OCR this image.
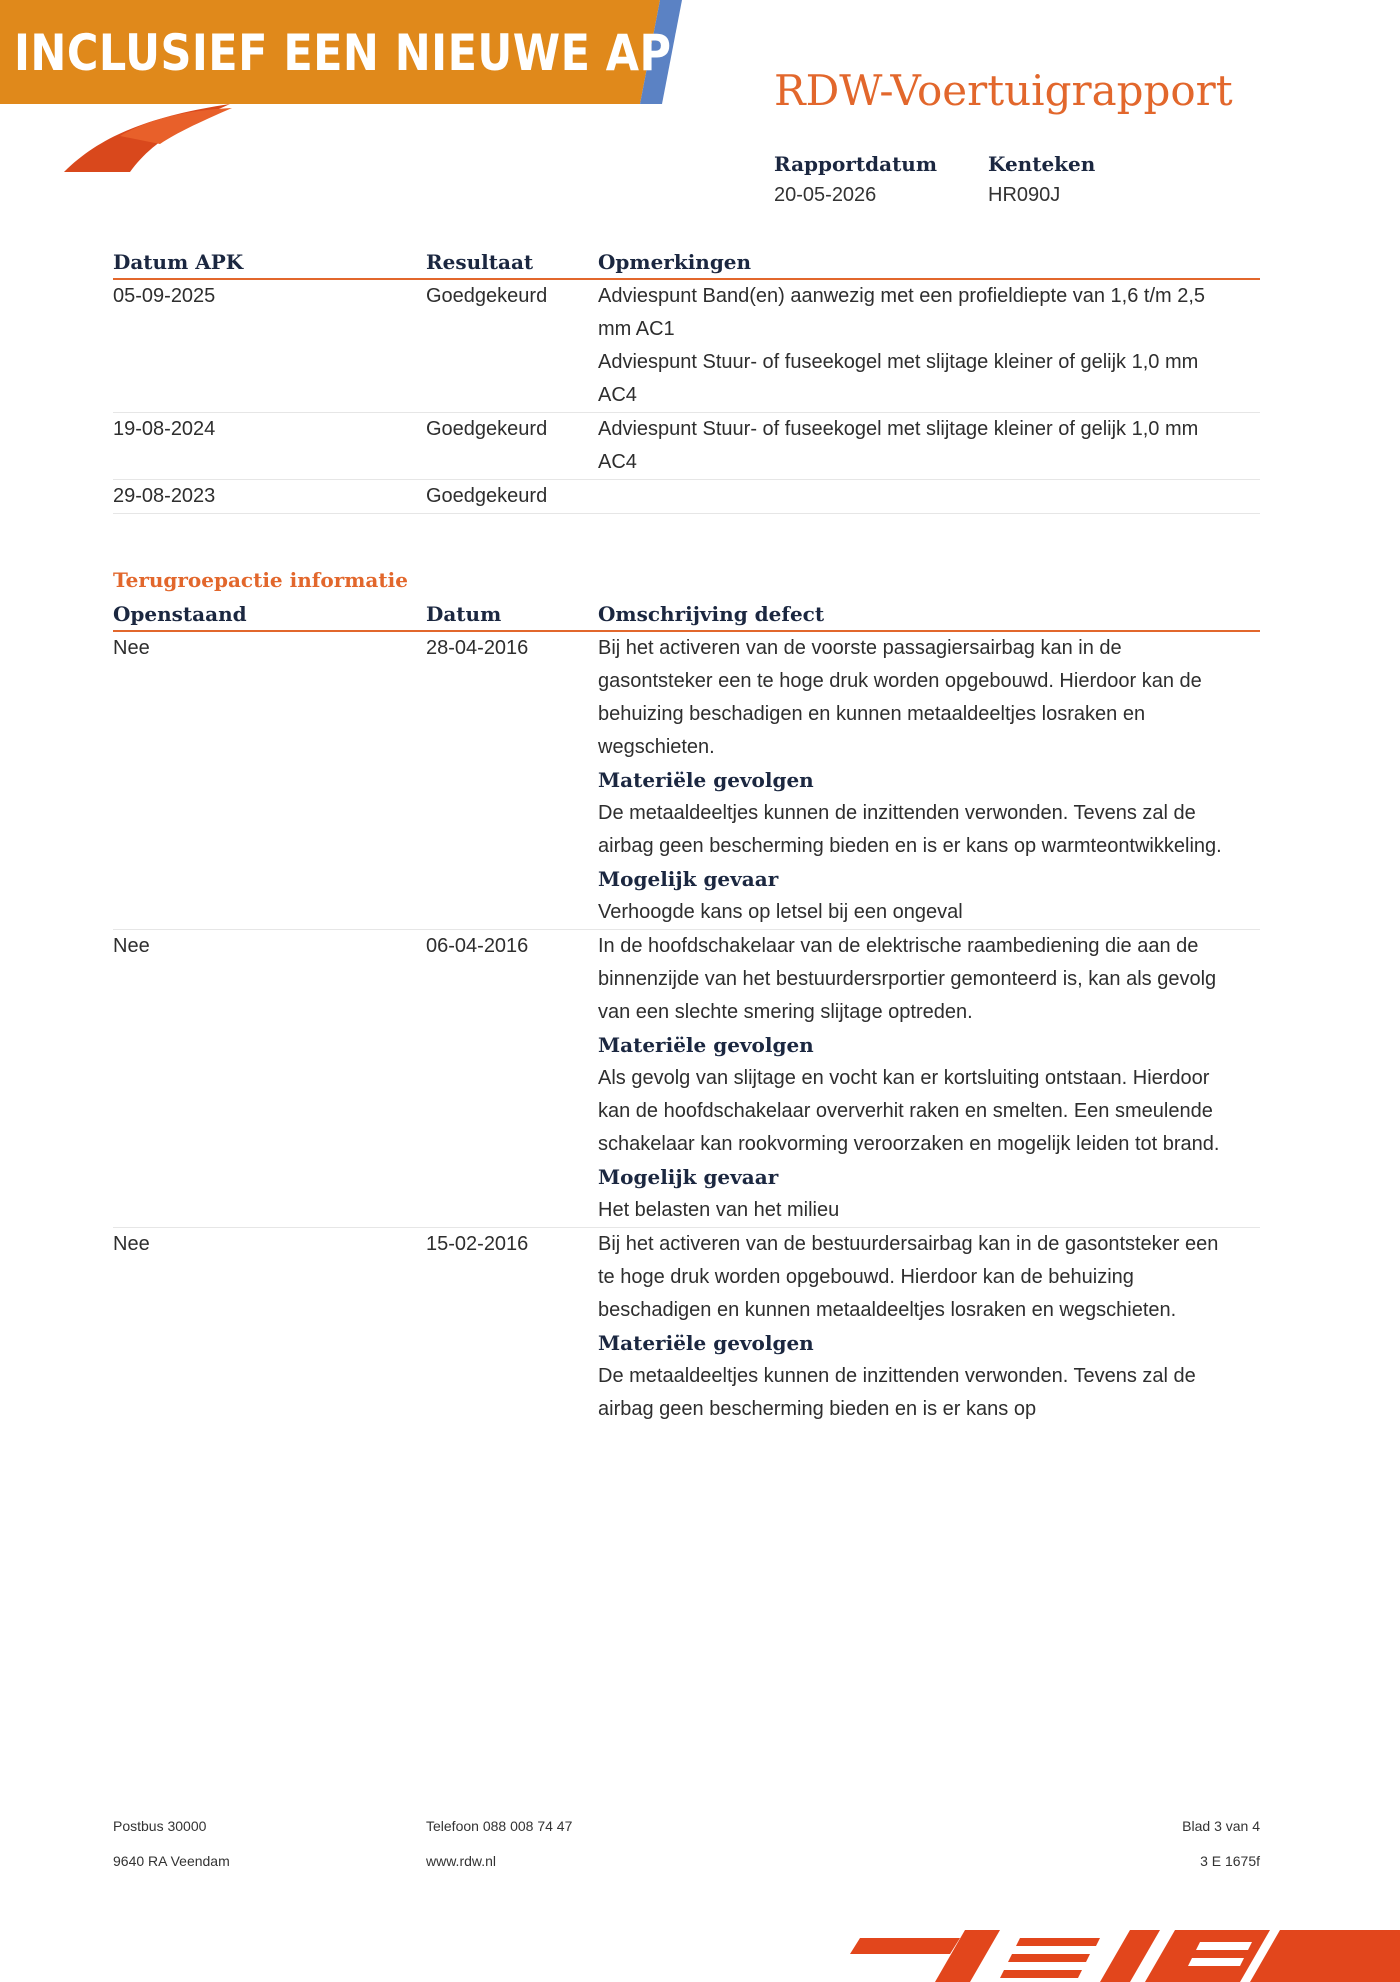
INCLUSIEF EEN NIEUWE APK
RDW-Voertuigrapport
Rapportdatum
20-05-2026
Kenteken
HR090J
Datum APK	Resultaat	Opmerkingen
05-09-2025	Goedgekeurd	Adviespunt Band(en) aanwezig met een profieldiepte van 1,6 t/m 2,5 mm AC1

Adviespunt Stuur- of fuseekogel met slijtage kleiner of gelijk 1,0 mm AC4

19-08-2024	Goedgekeurd	Adviespunt Stuur- of fuseekogel met slijtage kleiner of gelijk 1,0 mm AC4

29-08-2023	Goedgekeurd

Terugroepactie informatie
Openstaand	Datum	Omschrijving defect
Nee	28-04-2016	Bij het activeren van de voorste passagiersairbag kan in de gasontsteker een te hoge druk worden opgebouwd. Hierdoor kan de behuizing beschadigen en kunnen metaaldeeltjes losraken en wegschieten.

Materiële gevolgen

De metaaldeeltjes kunnen de inzittenden verwonden. Tevens zal de airbag geen bescherming bieden en is er kans op warmteontwikkeling.

Mogelijk gevaar

Verhoogde kans op letsel bij een ongeval

Nee	06-04-2016	In de hoofdschakelaar van de elektrische raambediening die aan de binnenzijde van het bestuurdersrportier gemonteerd is, kan als gevolg van een slechte smering slijtage optreden.

Materiële gevolgen

Als gevolg van slijtage en vocht kan er kortsluiting ontstaan. Hierdoor kan de hoofdschakelaar oververhit raken en smelten. Een smeulende schakelaar kan rookvorming veroorzaken en mogelijk leiden tot brand.

Mogelijk gevaar

Het belasten van het milieu

Nee	15-02-2016	Bij het activeren van de bestuurdersairbag kan in de gasontsteker een te hoge druk worden opgebouwd. Hierdoor kan de behuizing beschadigen en kunnen metaaldeeltjes losraken en wegschieten.

Materiële gevolgen

De metaaldeeltjes kunnen de inzittenden verwonden. Tevens zal de airbag geen bescherming bieden en is er kans op

Postbus 30000
9640 RA Veendam
Telefoon 088 008 74 47
www.rdw.nl
Blad 3 van 4
3 E 1675f
